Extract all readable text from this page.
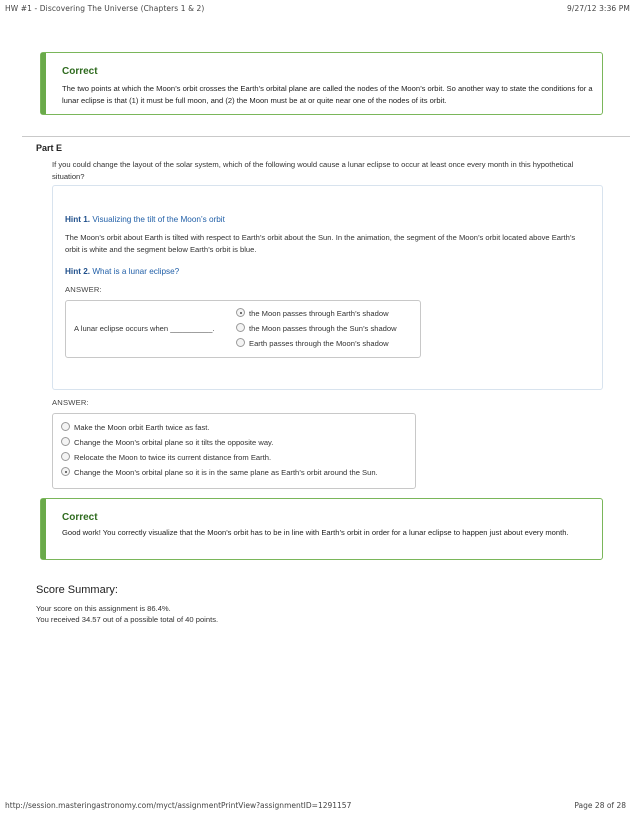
HW #1 - Discovering The Universe (Chapters 1 & 2)	9/27/12 3:36 PM
Correct
The two points at which the Moon’s orbit crosses the Earth’s orbital plane are called the nodes of the Moon’s orbit. So another way to state the conditions for a lunar eclipse is that (1) it must be full moon, and (2) the Moon must be at or quite near one of the nodes of its orbit.
Part E
If you could change the layout of the solar system, which of the following would cause a lunar eclipse to occur at least once every month in this hypothetical situation?
Hint 1. Visualizing the tilt of the Moon’s orbit
The Moon’s orbit about Earth is tilted with respect to Earth’s orbit about the Sun. In the animation, the segment of the Moon’s orbit located above Earth’s orbit is white and the segment below Earth’s orbit is blue.
Hint 2. What is a lunar eclipse?
ANSWER:
A lunar eclipse occurs when __________.
the Moon passes through Earth’s shadow
the Moon passes through the Sun’s shadow
Earth passes through the Moon’s shadow
ANSWER:
Make the Moon orbit Earth twice as fast.
Change the Moon’s orbital plane so it tilts the opposite way.
Relocate the Moon to twice its current distance from Earth.
Change the Moon’s orbital plane so it is in the same plane as Earth’s orbit around the Sun.
Correct
Good work! You correctly visualize that the Moon's orbit has to be in line with Earth’s orbit in order for a lunar eclipse to happen just about every month.
Score Summary:
Your score on this assignment is 86.4%.
You received 34.57 out of a possible total of 40 points.
http://session.masteringastronomy.com/myct/assignmentPrintView?assignmentID=1291157	Page 28 of 28
